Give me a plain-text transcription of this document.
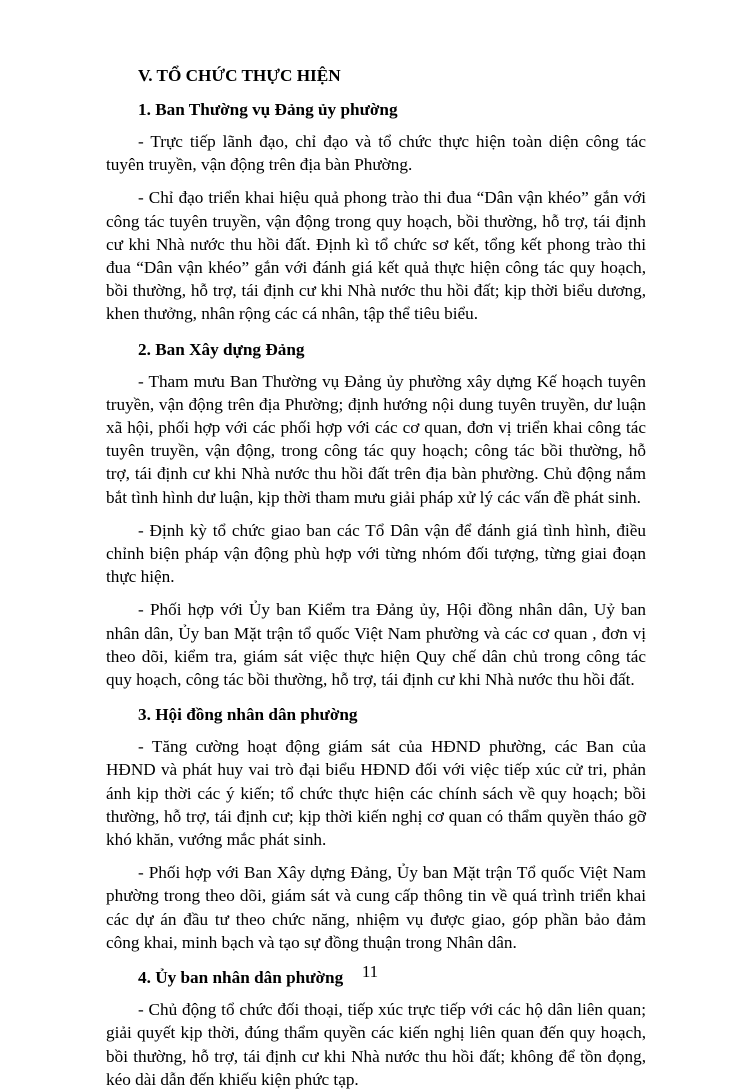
V. TỔ CHỨC THỰC HIỆN
1. Ban Thường vụ Đảng ủy phường

- Trực tiếp lãnh đạo, chỉ đạo và tổ chức thực hiện toàn diện công tác tuyên truyền, vận động trên địa bàn Phường.

- Chỉ đạo triển khai hiệu quả phong trào thi đua “Dân vận khéo” gắn với công tác tuyên truyền, vận động trong quy hoạch, bồi thường, hỗ trợ, tái định cư khi Nhà nước thu hồi đất. Định kì tổ chức sơ kết, tổng kết phong trào thi đua “Dân vận khéo” gắn với đánh giá kết quả thực hiện công tác quy hoạch, bồi thường, hỗ trợ, tái định cư khi Nhà nước thu hồi đất; kịp thời biểu dương, khen thưởng, nhân rộng các cá nhân, tập thể tiêu biểu.

2. Ban Xây dựng Đảng

- Tham mưu Ban Thường vụ Đảng ủy phường xây dựng Kế hoạch tuyên truyền, vận động trên địa Phường; định hướng nội dung tuyên truyền, dư luận xã hội, phối hợp với các phối hợp với các cơ quan, đơn vị triển khai công tác tuyên truyền, vận động, trong công tác quy hoạch; công tác bồi thường, hỗ trợ, tái định cư khi Nhà nước thu hồi đất trên địa bàn phường. Chủ động nắm bắt tình hình dư luận, kịp thời tham mưu giải pháp xử lý các vấn đề phát sinh.

- Định kỳ tổ chức giao ban các Tổ Dân vận để đánh giá tình hình, điều chỉnh biện pháp vận động phù hợp với từng nhóm đối tượng, từng giai đoạn thực hiện.

- Phối hợp với Ủy ban Kiểm tra Đảng ủy, Hội đồng nhân dân, Uỷ ban nhân dân, Ủy ban Mặt trận tổ quốc Việt Nam phường và các cơ quan , đơn vị theo dõi, kiểm tra, giám sát việc thực hiện Quy chế dân chủ trong công tác quy hoạch, công tác bồi thường, hỗ trợ, tái định cư khi Nhà nước thu hồi đất.

3. Hội đồng nhân dân phường

- Tăng cường hoạt động giám sát của HĐND phường, các Ban của HĐND và phát huy vai trò đại biểu HĐND đối với việc tiếp xúc cử tri, phản ánh kịp thời các ý kiến; tổ chức thực hiện các chính sách về quy hoạch; bồi thường, hỗ trợ, tái định cư; kịp thời kiến nghị cơ quan có thẩm quyền tháo gỡ khó khăn, vướng mắc phát sinh.

- Phối hợp với Ban Xây dựng Đảng, Ủy ban Mặt trận Tổ quốc Việt Nam phường trong theo dõi, giám sát và cung cấp thông tin về quá trình triển khai các dự án đầu tư theo chức năng, nhiệm vụ được giao, góp phần bảo đảm công khai, minh bạch và tạo sự đồng thuận trong Nhân dân.

4. Ủy ban nhân dân phường

- Chủ động tổ chức đối thoại, tiếp xúc trực tiếp với các hộ dân liên quan; giải quyết kịp thời, đúng thẩm quyền các kiến nghị liên quan đến quy hoạch, bồi thường, hỗ trợ, tái định cư khi Nhà nước thu hồi đất; không để tồn đọng, kéo dài dẫn đến khiếu kiện phức tạp.

11
